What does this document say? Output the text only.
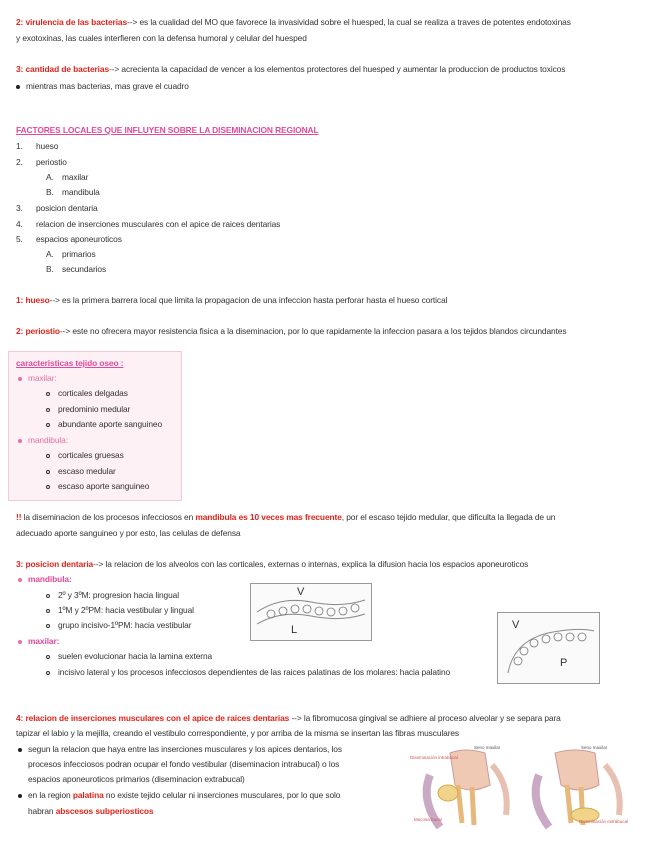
2: virulencia de las bacterias--> es la cualidad del MO que favorece la invasividad sobre el huesped, la cual se realiza a traves de potentes endotoxinas
y exotoxinas, las cuales interfieren con la defensa humoral y celular del huesped
3: cantidad de bacterias--> acrecienta la capacidad de vencer a los elementos protectores del huesped y aumentar la produccion de productos toxicos
mientras mas bacterias, mas grave el cuadro
FACTORES LOCALES QUE INFLUYEN SOBRE LA DISEMINACION REGIONAL
1. hueso
2. periostio
A. maxilar
B. mandibula
3. posicion dentaria
4. relacion de inserciones musculares con el apice de raices dentarias
5. espacios aponeuroticos
A. primarios
B. secundarios
1: hueso--> es la primera barrera local que limita la propagacion de una infeccion hasta perforar hasta el hueso cortical
2: periostio--> este no ofrecera mayor resistencia fisica a la diseminacion, por lo que rapidamente la infeccion pasara a los tejidos blandos circundantes
caracteristicas tejido oseo :
maxilar:
corticales delgadas
predominio medular
abundante aporte sanguineo
mandibula:
corticales gruesas
escaso medular
escaso aporte sanguineo
!! la diseminacion de los procesos infecciosos en mandibula es 10 veces mas frecuente, por el escaso tejido medular, que dificulta la llegada de un
adecuado aporte sanguineo y por esto, las celulas de defensa
3: posicion dentaria--> la relacion de los alveolos con las corticales, externas o internas, explica la difusion hacia los espacios aponeuroticos
mandibula:
2º y 3ºM: progresion hacia lingual
1ºM y 2ºPM: hacia vestibular y lingual
grupo incisivo-1ºPM: hacia vestibular
maxilar:
suelen evolucionar hacia la lamina externa
incisivo lateral y los procesos infecciosos dependientes de las raices palatinas de los molares: hacia palatino
V
L	V
P
4: relacion de inserciones musculares con el apice de raices dentarias --> la fibromucosa gingival se adhiere al proceso alveolar y se separa para
tapizar el labio y la mejilla, creando el vestibulo correspondiente, y por arriba de la misma se insertan las fibras musculares
segun la relacion que haya entre las inserciones musculares y los apices dentarios, los
procesos infecciosos podran ocupar el fondo vestibular (diseminacion intrabucal) o los
espacios aponeuroticos primarios (diseminacion extrabucal)
en la region palatina no existe tejido celular ni inserciones musculares, por lo que solo
habran abscesos subperiosticos
Seno maxilar
Diseminación intrabucal
Mucosa bucal
Seno maxilar
Diseminación extrabucal
